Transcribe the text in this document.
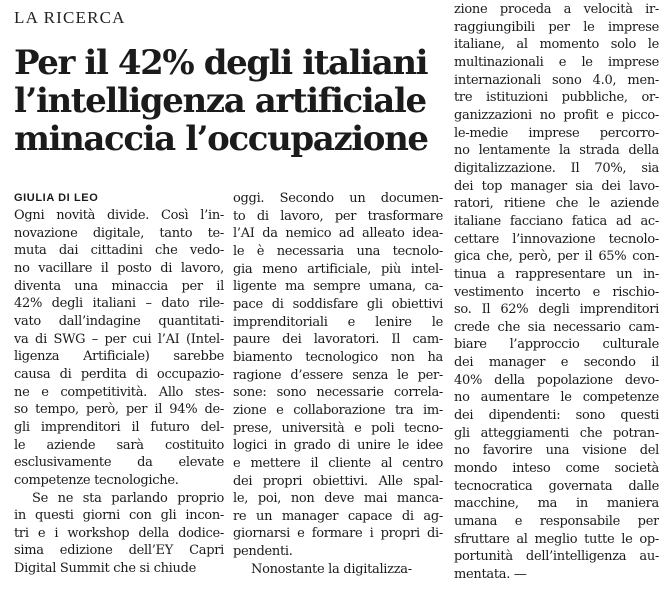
LA RICERCA
Per il 42% degli italiani
l’intelligenza artificiale
minaccia l’occupazione
GIULIA DI LEO
Ogni novità divide. Così l’in-
novazione digitale, tanto te-
muta dai cittadini che vedo-
no vacillare il posto di lavoro,
diventa una minaccia per il
42% degli italiani – dato rile-
vato dall’indagine quantitati-
va di SWG – per cui l’AI (Intel-
ligenza Artificiale) sarebbe
causa di perdita di occupazio-
ne e competitività. Allo stes-
so tempo, però, per il 94% de-
gli imprenditori il futuro del-
le aziende sarà costituito
esclusivamente da elevate
competenze tecnologiche.
Se ne sta parlando proprio
in questi giorni con gli incon-
tri e i workshop della dodice-
sima edizione dell’EY Capri
Digital Summit che si chiude
oggi. Secondo un documen-
to di lavoro, per trasformare
l’AI da nemico ad alleato idea-
le è necessaria una tecnolo-
gia meno artificiale, più intel-
ligente ma sempre umana, ca-
pace di soddisfare gli obiettivi
imprenditoriali e lenire le
paure dei lavoratori. Il cam-
biamento tecnologico non ha
ragione d’essere senza le per-
sone: sono necessarie correla-
zione e collaborazione tra im-
prese, università e poli tecno-
logici in grado di unire le idee
e mettere il cliente al centro
dei propri obiettivi. Alle spal-
le, poi, non deve mai manca-
re un manager capace di ag-
giornarsi e formare i propri di-
pendenti.
Nonostante la digitalizza-
zione proceda a velocità ir-
raggiungibili per le imprese
italiane, al momento solo le
multinazionali e le imprese
internazionali sono 4.0, men-
tre istituzioni pubbliche, or-
ganizzazioni no profit e picco-
le-medie imprese percorro-
no lentamente la strada della
digitalizzazione. Il 70%, sia
dei top manager sia dei lavo-
ratori, ritiene che le aziende
italiane facciano fatica ad ac-
cettare l’innovazione tecnolo-
gica che, però, per il 65% con-
tinua a rappresentare un in-
vestimento incerto e rischio-
so. Il 62% degli imprenditori
crede che sia necessario cam-
biare l’approccio culturale
dei manager e secondo il
40% della popolazione devo-
no aumentare le competenze
dei dipendenti: sono questi
gli atteggiamenti che potran-
no favorire una visione del
mondo inteso come società
tecnocratica governata dalle
macchine, ma in maniera
umana e responsabile per
sfruttare al meglio tutte le op-
portunità dell’intelligenza au-
mentata. —
